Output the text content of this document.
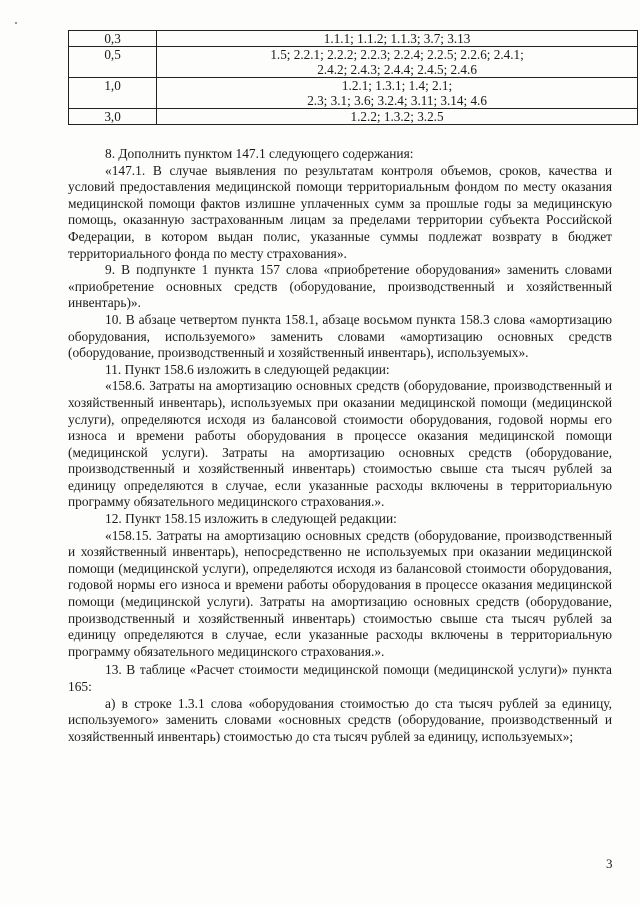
0,3	1.1.1; 1.1.2; 1.1.3; 3.7; 3.13

0,5	1.5; 2.2.1; 2.2.2; 2.2.3; 2.2.4; 2.2.5; 2.2.6; 2.4.1;
2.4.2; 2.4.3; 2.4.4; 2.4.5; 2.4.6

1,0	1.2.1; 1.3.1; 1.4; 2.1;
2.3; 3.1; 3.6; 3.2.4; 3.11; 3.14; 4.6

3,0	1.2.2; 1.3.2; 3.2.5

8. Дополнить пунктом 147.1 следующего содержания:

«147.1. В случае выявления по результатам контроля объемов, сроков, качества и условий предоставления медицинской помощи территориальным фондом по месту оказания медицинской помощи фактов излишне уплаченных сумм за прошлые годы за медицинскую помощь, оказанную застрахованным лицам за пределами территории субъекта Российской Федерации, в котором выдан полис, указанные суммы подлежат возврату в бюджет территориального фонда по месту страхования».

9. В подпункте 1 пункта 157 слова «приобретение оборудования» заменить словами «приобретение основных средств (оборудование, производственный и хозяйственный инвентарь)».

10. В абзаце четвертом пункта 158.1, абзаце восьмом пункта 158.3 слова «амортизацию оборудования, используемого» заменить словами «амортизацию основных средств (оборудование, производственный и хозяйственный инвентарь), используемых».

11. Пункт 158.6 изложить в следующей редакции:

«158.6. Затраты на амортизацию основных средств (оборудование, производственный и хозяйственный инвентарь), используемых при оказании медицинской помощи (медицинской услуги), определяются исходя из балансовой стоимости оборудования, годовой нормы его износа и времени работы оборудования в процессе оказания медицинской помощи (медицинской услуги). Затраты на амортизацию основных средств (оборудование, производственный и хозяйственный инвентарь) стоимостью свыше ста тысяч рублей за единицу определяются в случае, если указанные расходы включены в территориальную программу обязательного медицинского страхования.».

12. Пункт 158.15 изложить в следующей редакции:

«158.15. Затраты на амортизацию основных средств (оборудование, производственный и хозяйственный инвентарь), непосредственно не используемых при оказании медицинской помощи (медицинской услуги), определяются исходя из балансовой стоимости оборудования, годовой нормы его износа и времени работы оборудования в процессе оказания медицинской помощи (медицинской услуги). Затраты на амортизацию основных средств (оборудование, производственный и хозяйственный инвентарь) стоимостью свыше ста тысяч рублей за единицу определяются в случае, если указанные расходы включены в территориальную программу обязательного медицинского страхования.».

13. В таблице «Расчет стоимости медицинской помощи (медицинской услуги)» пункта 165:

а) в строке 1.3.1 слова «оборудования стоимостью до ста тысяч рублей за единицу, используемого» заменить словами «основных средств (оборудование, производственный и хозяйственный инвентарь) стоимостью до ста тысяч рублей за единицу, используемых»;

3
